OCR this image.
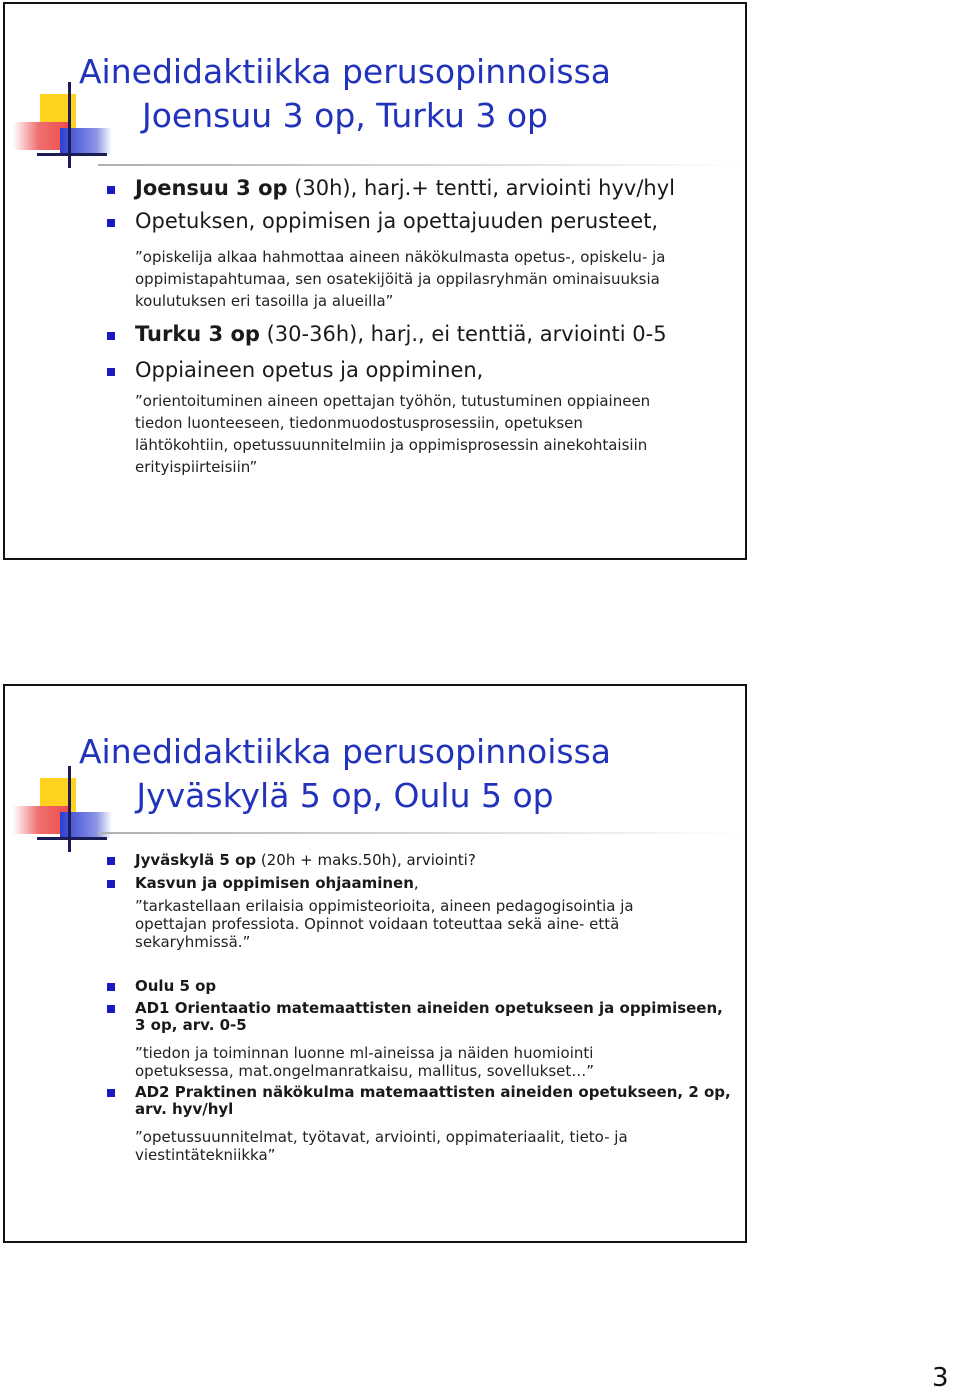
Ainedidaktiikka perusopinnoissa
Joensuu 3 op, Turku 3 op
Joensuu 3 op (30h), harj.+ tentti, arviointi hyv/hyl
Opetuksen, oppimisen ja opettajuuden perusteet,
”opiskelija alkaa hahmottaa aineen näkökulmasta opetus-, opiskelu- ja
oppimistapahtumaa, sen osatekijöitä ja oppilasryhmän ominaisuuksia
koulutuksen eri tasoilla ja alueilla”
Turku 3 op (30-36h), harj., ei tenttiä, arviointi 0-5
Oppiaineen opetus ja oppiminen,
”orientoituminen aineen opettajan työhön, tutustuminen oppiaineen
tiedon luonteeseen, tiedonmuodostusprosessiin, opetuksen
lähtökohtiin, opetussuunnitelmiin ja oppimisprosessin ainekohtaisiin
erityispiirteisiin”
Ainedidaktiikka perusopinnoissa
Jyväskylä 5 op, Oulu 5 op
Jyväskylä 5 op (20h + maks.50h), arviointi?
Kasvun ja oppimisen ohjaaminen,
”tarkastellaan erilaisia oppimisteorioita, aineen pedagogisointia ja
opettajan professiota. Opinnot voidaan toteuttaa sekä aine- että
sekaryhmissä.”
Oulu 5 op
AD1 Orientaatio matemaattisten aineiden opetukseen ja oppimiseen,
3 op, arv. 0-5
”tiedon ja toiminnan luonne ml-aineissa ja näiden huomiointi
opetuksessa, mat.ongelmanratkaisu, mallitus, sovellukset…”
AD2 Praktinen näkökulma matemaattisten aineiden opetukseen, 2 op,
arv. hyv/hyl
”opetussuunnitelmat, työtavat, arviointi, oppimateriaalit, tieto- ja
viestintätekniikka”
3
